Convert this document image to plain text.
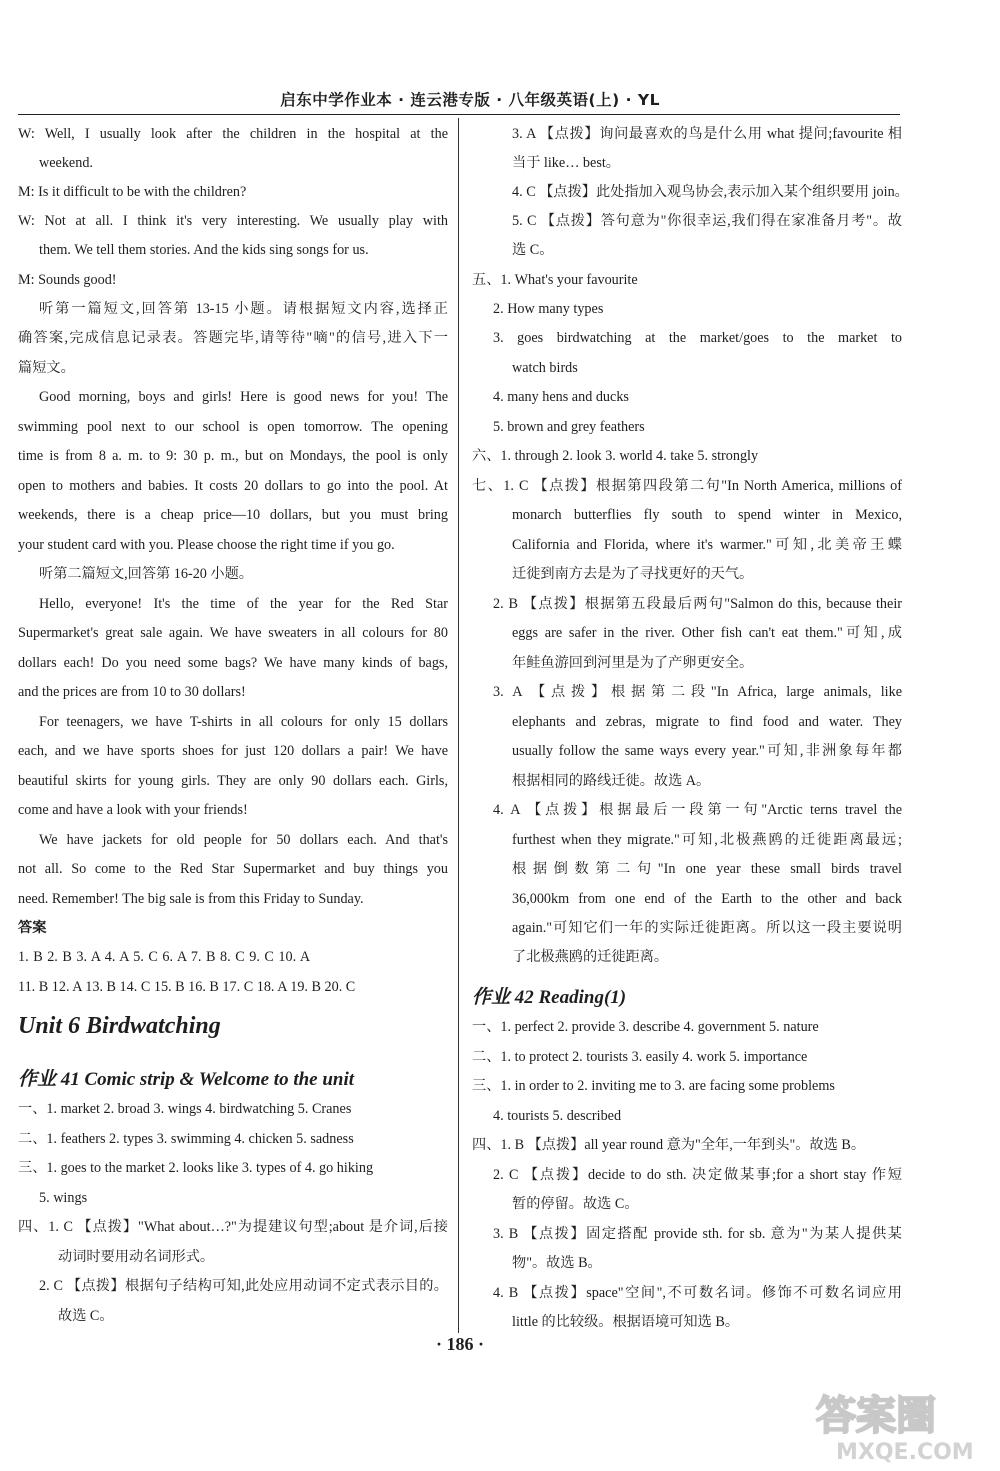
启东中学作业本 · 连云港专版 · 八年级英语(上) · YL
W: Well, I usually look after the children in the hospital at the
weekend.
M: Is it difficult to be with the children?
W: Not at all. I think it's very interesting. We usually play with
them. We tell them stories. And the kids sing songs for us.
M: Sounds good!
听第一篇短文,回答第 13-15 小题。请根据短文内容,选择正
确答案,完成信息记录表。答题完毕,请等待"嘀"的信号,进入下一
篇短文。
Good morning, boys and girls! Here is good news for you! The
swimming pool next to our school is open tomorrow. The opening
time is from 8 a. m. to 9: 30 p. m., but on Mondays, the pool is only
open to mothers and babies. It costs 20 dollars to go into the pool. At
weekends, there is a cheap price—10 dollars, but you must bring
your student card with you. Please choose the right time if you go.
听第二篇短文,回答第 16-20 小题。
Hello, everyone! It's the time of the year for the Red Star
Supermarket's great sale again. We have sweaters in all colours for 80
dollars each! Do you need some bags? We have many kinds of bags,
and the prices are from 10 to 30 dollars!
For teenagers, we have T-shirts in all colours for only 15 dollars
each, and we have sports shoes for just 120 dollars a pair! We have
beautiful skirts for young girls. They are only 90 dollars each. Girls,
come and have a look with your friends!
We have jackets for old people for 50 dollars each. And that's
not all. So come to the Red Star Supermarket and buy things you
need. Remember! The big sale is from this Friday to Sunday.
答案
1. B 2. B 3. A 4. A 5. C 6. A 7. B 8. C 9. C 10. A
11. B 12. A 13. B 14. C 15. B 16. B 17. C 18. A 19. B 20. C
Unit 6 Birdwatching
作业 41 Comic strip & Welcome to the unit
一、1. market 2. broad 3. wings 4. birdwatching 5. Cranes
二、1. feathers 2. types 3. swimming 4. chicken 5. sadness
三、1. goes to the market 2. looks like 3. types of 4. go hiking
5. wings
四、1. C 【点拨】"What about…?"为提建议句型;about 是介词,后接
动词时要用动名词形式。
2. C 【点拨】根据句子结构可知,此处应用动词不定式表示目的。
故选 C。
3. A 【点拨】询问最喜欢的鸟是什么用 what 提问;favourite 相
当于 like… best。
4. C 【点拨】此处指加入观鸟协会,表示加入某个组织要用 join。
5. C 【点拨】答句意为"你很幸运,我们得在家准备月考"。故
选 C。
五、1. What's your favourite
2. How many types
3. goes birdwatching at the market/goes to the market to
watch birds
4. many hens and ducks
5. brown and grey feathers
六、1. through 2. look 3. world 4. take 5. strongly
七、1. C 【点拨】根据第四段第二句"In North America, millions of
monarch butterflies fly south to spend winter in Mexico,
California and Florida, where it's warmer."可知,北美帝王蝶
迁徙到南方去是为了寻找更好的天气。
2. B 【点拨】根据第五段最后两句"Salmon do this, because their
eggs are safer in the river. Other fish can't eat them."可知,成
年鲑鱼游回到河里是为了产卵更安全。
3. A 【点拨】根据第二段"In Africa, large animals, like
elephants and zebras, migrate to find food and water. They
usually follow the same ways every year."可知,非洲象每年都
根据相同的路线迁徙。故选 A。
4. A 【点拨】根据最后一段第一句"Arctic terns travel the
furthest when they migrate."可知,北极燕鸥的迁徙距离最远;
根据倒数第二句"In one year these small birds travel
36,000km from one end of the Earth to the other and back
again."可知它们一年的实际迁徙距离。所以这一段主要说明
了北极燕鸥的迁徙距离。
作业 42 Reading(1)
一、1. perfect 2. provide 3. describe 4. government 5. nature
二、1. to protect 2. tourists 3. easily 4. work 5. importance
三、1. in order to 2. inviting me to 3. are facing some problems
4. tourists 5. described
四、1. B 【点拨】all year round 意为"全年,一年到头"。故选 B。
2. C 【点拨】decide to do sth. 决定做某事;for a short stay 作短
暂的停留。故选 C。
3. B 【点拨】固定搭配 provide sth. for sb. 意为"为某人提供某
物"。故选 B。
4. B 【点拨】space"空间",不可数名词。修饰不可数名词应用
little 的比较级。根据语境可知选 B。
· 186 ·
答案圈
MXQE.COM
